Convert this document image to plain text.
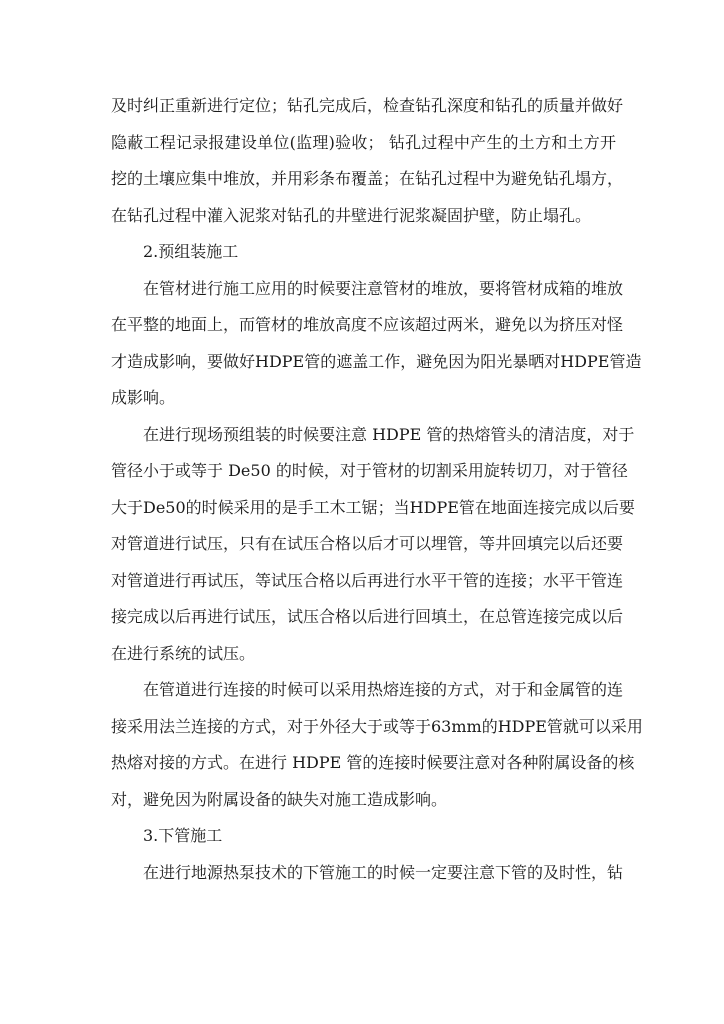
及时纠正重新进行定位；钻孔完成后，检查钻孔深度和钻孔的质量并做好
隐蔽工程记录报建设单位(监理)验收； 钻孔过程中产生的土方和土方开
挖的土壤应集中堆放，并用彩条布覆盖；在钻孔过程中为避免钻孔塌方，
在钻孔过程中灌入泥浆对钻孔的井壁进行泥浆凝固护壁，防止塌孔。
2.预组装施工
在管材进行施工应用的时候要注意管材的堆放，要将管材成箱的堆放
在平整的地面上，而管材的堆放高度不应该超过两米，避免以为挤压对怪
才造成影响，要做好HDPE管的遮盖工作，避免因为阳光暴晒对HDPE管造
成影响。
在进行现场预组装的时候要注意 HDPE 管的热熔管头的清洁度，对于
管径小于或等于 De50 的时候，对于管材的切割采用旋转切刀，对于管径
大于De50的时候采用的是手工木工锯；当HDPE管在地面连接完成以后要
对管道进行试压，只有在试压合格以后才可以埋管，等井回填完以后还要
对管道进行再试压，等试压合格以后再进行水平干管的连接；水平干管连
接完成以后再进行试压，试压合格以后进行回填土，在总管连接完成以后
在进行系统的试压。
在管道进行连接的时候可以采用热熔连接的方式，对于和金属管的连
接采用法兰连接的方式，对于外径大于或等于63mm的HDPE管就可以采用
热熔对接的方式。在进行 HDPE 管的连接时候要注意对各种附属设备的核
对，避免因为附属设备的缺失对施工造成影响。
3.下管施工
在进行地源热泵技术的下管施工的时候一定要注意下管的及时性，钻
